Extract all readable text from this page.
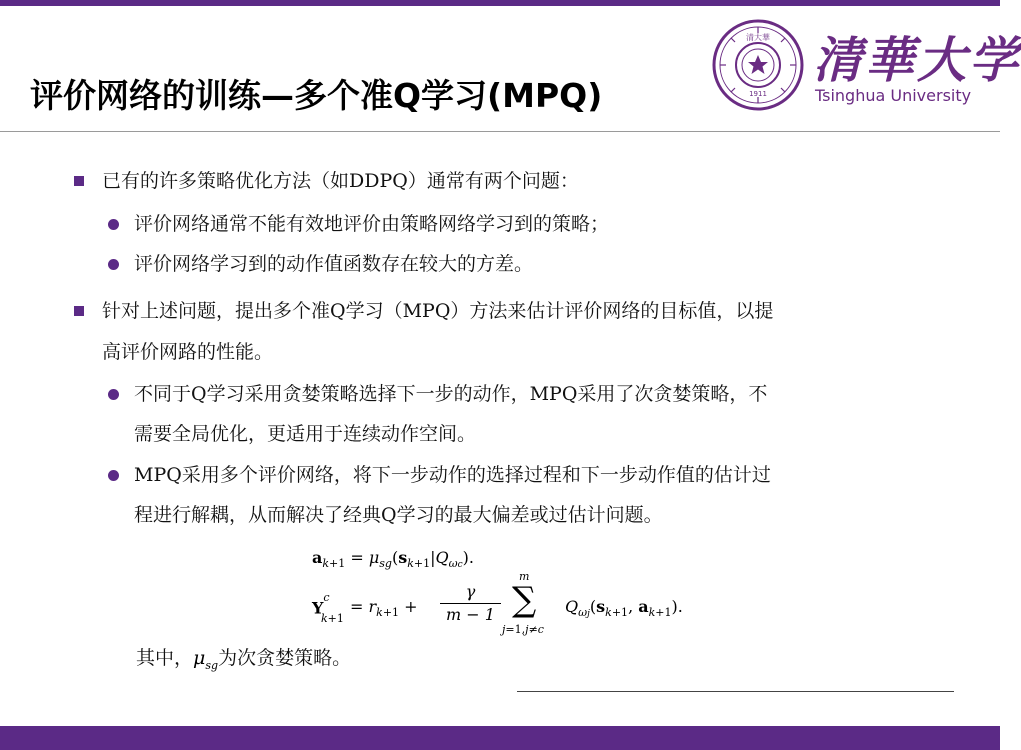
评价网络的训练—多个准Q学习(MPQ)
清大華
1911
清華大学
Tsinghua University
已有的许多策略优化方法（如DDPQ）通常有两个问题：
评价网络通常不能有效地评价由策略网络学习到的策略；
评价网络学习到的动作值函数存在较大的方差。
针对上述问题，提出多个准Q学习（MPQ）方法来估计评价网络的目标值，以提
高评价网路的性能。
不同于Q学习采用贪婪策略选择下一步的动作，MPQ采用了次贪婪策略，不
需要全局优化，更适用于连续动作空间。
MPQ采用多个评价网络，将下一步动作的选择过程和下一步动作值的估计过
程进行解耦，从而解决了经典Q学习的最大偏差或过估计问题。
$a_{k+1} = \mu_{sg}(s_{k+1}|Q_{\omega c})$.
$Y^c$
k+1
= $r_{k+1} + \frac{\gamma}{m - 1}$
m
∑
j=1,j≠c
$Q_{\omega j}(s_{k+1}$, $a_{k+1}$).
其中，$\mu_{sg}$为次贪婪策略。
